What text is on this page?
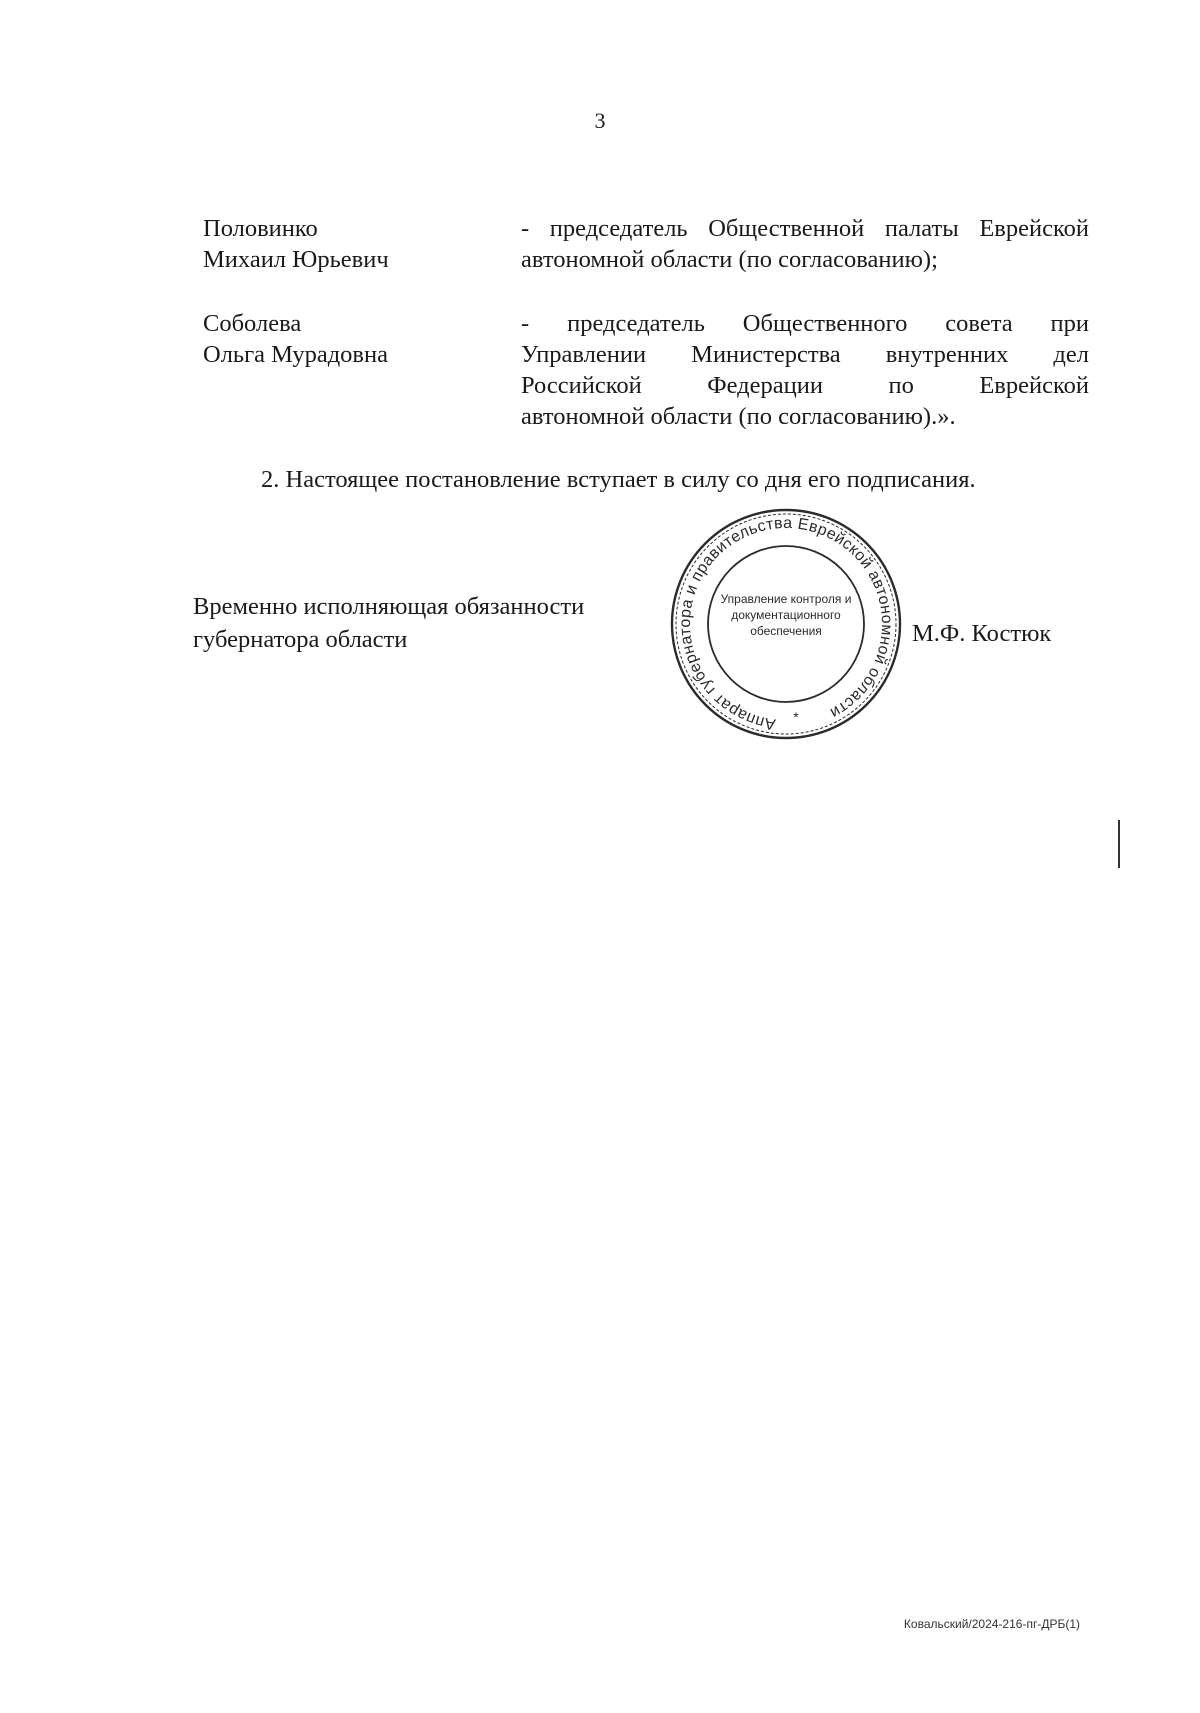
3
Половинко
Михаил Юрьевич
- председатель Общественной палаты Еврейской
автономной области (по согласованию);
Соболева
Ольга Мурадовна
- председатель Общественного совета при
Управлении Министерства внутренних дел
Российской Федерации по Еврейской
автономной области (по согласованию).».
2. Настоящее постановление вступает в силу со дня его подписания.
Временно исполняющая обязанности
губернатора области
Аппарат губернатора и правительства Еврейской автономной области
Управление контроля и
документационного
обеспечения
*
М.Ф. Костюк
Ковальский/2024-216-пг-ДРБ(1)
